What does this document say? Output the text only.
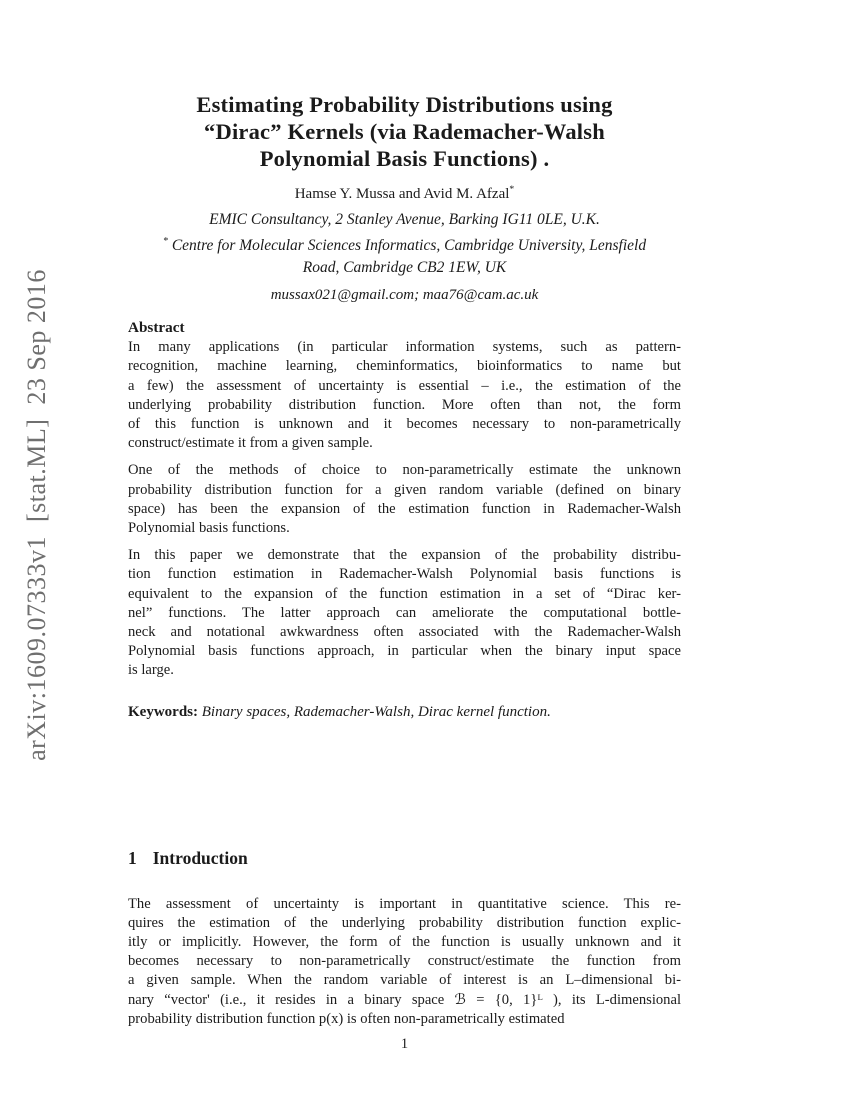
arXiv:1609.07333v1  [stat.ML]  23 Sep 2016
Estimating Probability Distributions using
“Dirac” Kernels (via Rademacher-Walsh
Polynomial Basis Functions) .
Hamse Y. Mussa and Avid M. Afzal*
EMIC Consultancy, 2 Stanley Avenue, Barking IG11 0LE, U.K.
* Centre for Molecular Sciences Informatics, Cambridge University, Lensfield
Road, Cambridge CB2 1EW, UK
mussax021@gmail.com; maa76@cam.ac.uk
Abstract
In many applications (in particular information systems, such as pattern-
recognition, machine learning, cheminformatics, bioinformatics to name but
a few) the assessment of uncertainty is essential – i.e., the estimation of the
underlying probability distribution function. More often than not, the form
of this function is unknown and it becomes necessary to non-parametrically
construct/estimate it from a given sample.
One of the methods of choice to non-parametrically estimate the unknown
probability distribution function for a given random variable (defined on binary
space) has been the expansion of the estimation function in Rademacher-Walsh
Polynomial basis functions.
In this paper we demonstrate that the expansion of the probability distribu-
tion function estimation in Rademacher-Walsh Polynomial basis functions is
equivalent to the expansion of the function estimation in a set of “Dirac ker-
nel” functions. The latter approach can ameliorate the computational bottle-
neck and notational awkwardness often associated with the Rademacher-Walsh
Polynomial basis functions approach, in particular when the binary input space
is large.
Keywords: Binary spaces, Rademacher-Walsh, Dirac kernel function.
1 Introduction
The assessment of uncertainty is important in quantitative science. This re-
quires the estimation of the underlying probability distribution function explic-
itly or implicitly. However, the form of the function is usually unknown and it
becomes necessary to non-parametrically construct/estimate the function from
a given sample. When the random variable of interest is an L–dimensional bi-
nary “vector' (i.e., it resides in a binary space ℬ = {0, 1}ᴸ ), its L-dimensional
probability distribution function p(x) is often non-parametrically estimated
1
